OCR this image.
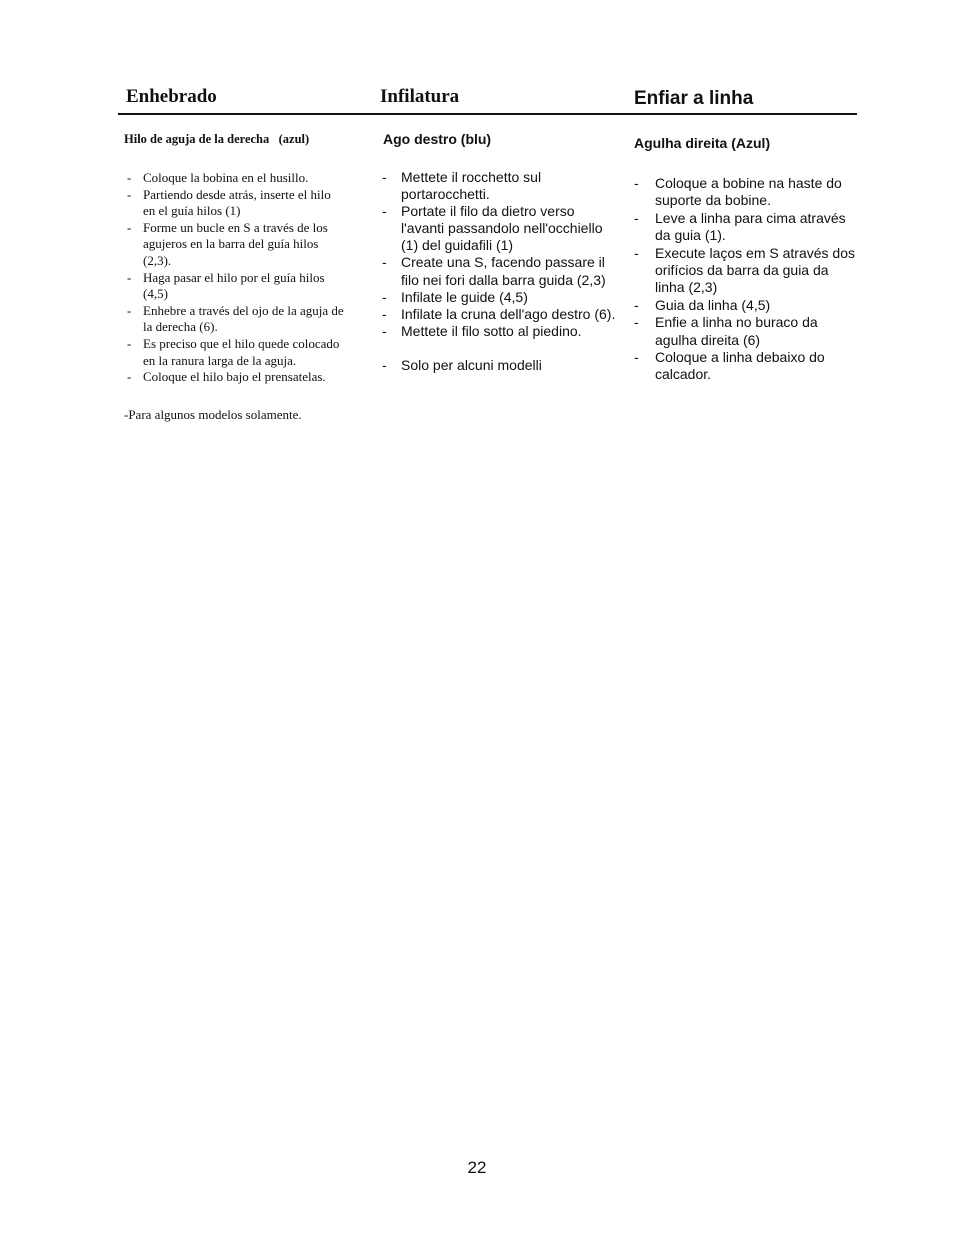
Enhebrado
Hilo de aguja de la derecha   (azul)
- Coloque la bobina en el husillo.
- Partiendo desde atrás, inserte el hilo en el guía hilos (1)
- Forme un bucle en S a través de los agujeros en la barra del guía hilos (2,3).
- Haga pasar el hilo por el guía hilos (4,5)
- Enhebre a través del ojo de la aguja de la derecha (6).
- Es preciso que el hilo quede colocado en la ranura larga de la aguja.
- Coloque el hilo bajo el prensatelas.
-Para algunos modelos solamente.
Infilatura
Ago destro (blu)
- Mettete il rocchetto sul portarocchetti.
- Portate il filo da dietro verso l'avanti passandolo nell'occhiello (1) del guidafili (1)
- Create una S, facendo passare il filo nei fori dalla barra guida (2,3)
- Infilate le guide (4,5)
- Infilate la cruna dell'ago destro (6).
- Mettete il filo sotto al piedino.
- Solo per alcuni modelli
Enfiar a linha
Agulha direita (Azul)
- Coloque a bobine na haste do suporte da bobine.
- Leve a linha para cima através da guia (1).
- Execute laços em S através dos orifícios da barra da guia da linha (2,3)
- Guia da linha (4,5)
- Enfie a linha no buraco da agulha direita (6)
- Coloque a linha debaixo do calcador.
22
